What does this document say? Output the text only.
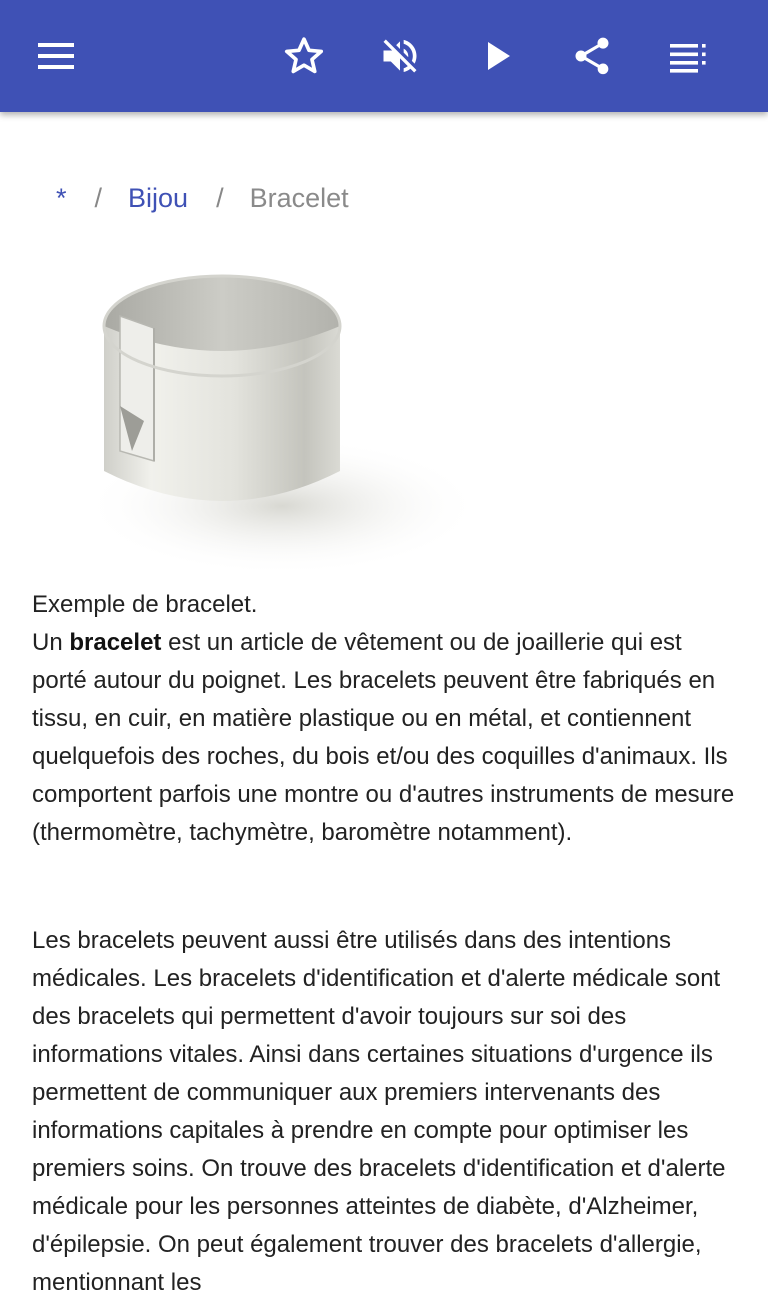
* / Bijou / Bracelet
Exemple de bracelet.
Un bracelet est un article de vêtement ou de joaillerie qui est porté autour du poignet. Les bracelets peuvent être fabriqués en tissu, en cuir, en matière plastique ou en métal, et contiennent quelquefois des roches, du bois et/ou des coquilles d'animaux. Ils comportent parfois une montre ou d'autres instruments de mesure (thermomètre, tachymètre, baromètre notamment).
Les bracelets peuvent aussi être utilisés dans des intentions médicales. Les bracelets d'identification et d'alerte médicale sont des bracelets qui permettent d'avoir toujours sur soi des informations vitales. Ainsi dans certaines situations d'urgence ils permettent de communiquer aux premiers intervenants des informations capitales à prendre en compte pour optimiser les premiers soins. On trouve des bracelets d'identification et d'alerte médicale pour les personnes atteintes de diabète, d'Alzheimer, d'épilepsie. On peut également trouver des bracelets d'allergie, mentionnant les
